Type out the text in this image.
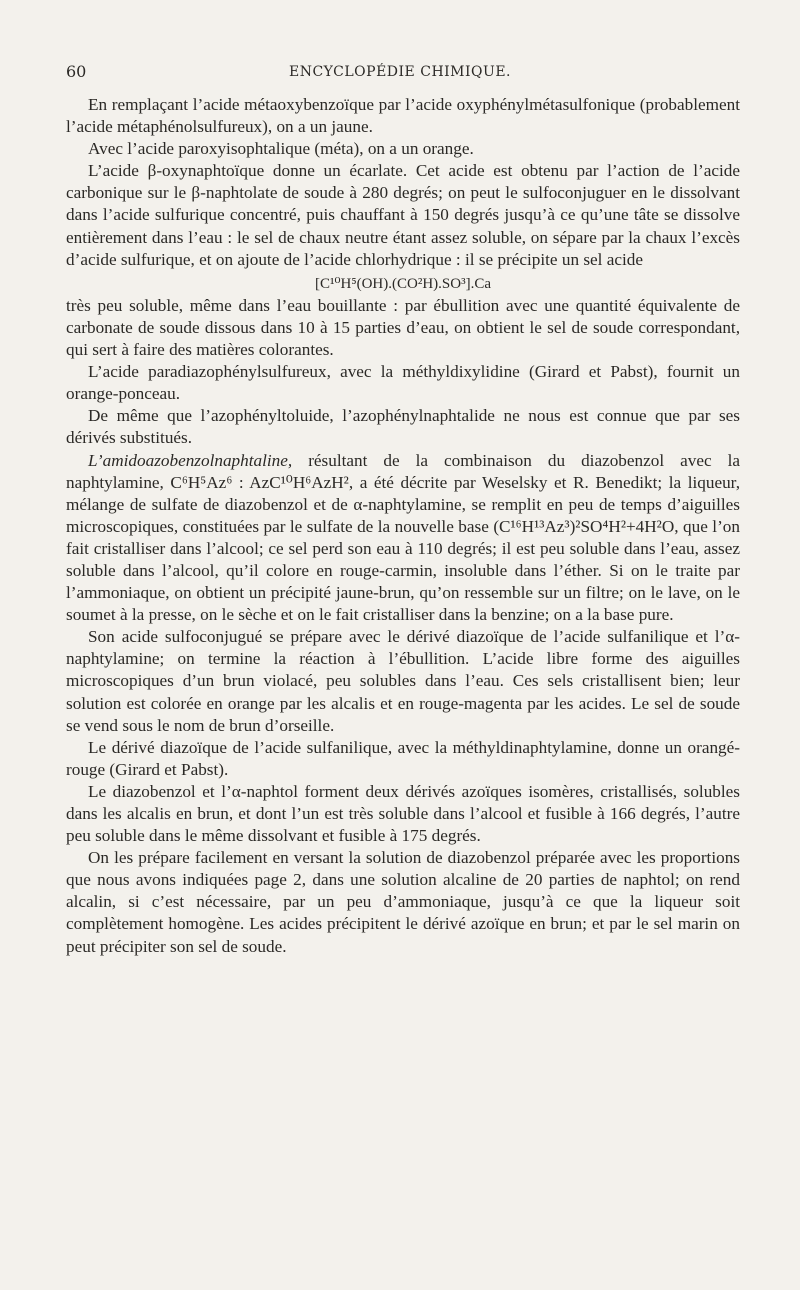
60	ENCYCLOPÉDIE CHIMIQUE.

En remplaçant l’acide métaoxybenzoïque par l’acide oxyphénylmétasulfonique (probablement l’acide métaphénolsulfureux), on a un jaune.

Avec l’acide paroxyisophtalique (méta), on a un orange.

L’acide β-oxynaphtoïque donne un écarlate. Cet acide est obtenu par l’action de l’acide carbonique sur le β-naphtolate de soude à 280 degrés; on peut le sulfoconjuguer en le dissolvant dans l’acide sulfurique concentré, puis chauffant à 150 degrés jusqu’à ce qu’une tâte se dissolve entièrement dans l’eau : le sel de chaux neutre étant assez soluble, on sépare par la chaux l’excès d’acide sulfurique, et on ajoute de l’acide chlorhydrique : il se précipite un sel acide

[C¹⁰H⁵(OH).(CO²H).SO³].Ca

très peu soluble, même dans l’eau bouillante : par ébullition avec une quantité équivalente de carbonate de soude dissous dans 10 à 15 parties d’eau, on obtient le sel de soude correspondant, qui sert à faire des matières colorantes.

L’acide paradiazophénylsulfureux, avec la méthyldixylidine (Girard et Pabst), fournit un orange-ponceau.

De même que l’azophényltoluide, l’azophénylnaphtalide ne nous est connue que par ses dérivés substitués.

L’amidoazobenzolnaphtaline, résultant de la combinaison du diazobenzol avec la naphtylamine, C⁶H⁵Az⁶ : AzC¹⁰H⁶AzH², a été décrite par Weselsky et R. Benedikt; la liqueur, mélange de sulfate de diazobenzol et de α-naphtylamine, se remplit en peu de temps d’aiguilles microscopiques, constituées par le sulfate de la nouvelle base (C¹⁶H¹³Az³)²SO⁴H²+4H²O, que l’on fait cristalliser dans l’alcool; ce sel perd son eau à 110 degrés; il est peu soluble dans l’eau, assez soluble dans l’alcool, qu’il colore en rouge-carmin, insoluble dans l’éther. Si on le traite par l’ammoniaque, on obtient un précipité jaune-brun, qu’on ressemble sur un filtre; on le lave, on le soumet à la presse, on le sèche et on le fait cristalliser dans la benzine; on a la base pure.

Son acide sulfoconjugué se prépare avec le dérivé diazoïque de l’acide sulfanilique et l’α-naphtylamine; on termine la réaction à l’ébullition. L’acide libre forme des aiguilles microscopiques d’un brun violacé, peu solubles dans l’eau. Ces sels cristallisent bien; leur solution est colorée en orange par les alcalis et en rouge-magenta par les acides. Le sel de soude se vend sous le nom de brun d’orseille.

Le dérivé diazoïque de l’acide sulfanilique, avec la méthyldinaphtylamine, donne un orangé-rouge (Girard et Pabst).

Le diazobenzol et l’α-naphtol forment deux dérivés azoïques isomères, cristallisés, solubles dans les alcalis en brun, et dont l’un est très soluble dans l’alcool et fusible à 166 degrés, l’autre peu soluble dans le même dissolvant et fusible à 175 degrés.

On les prépare facilement en versant la solution de diazobenzol préparée avec les proportions que nous avons indiquées page 2, dans une solution alcaline de 20 parties de naphtol; on rend alcalin, si c’est nécessaire, par un peu d’ammoniaque, jusqu’à ce que la liqueur soit complètement homogène. Les acides précipitent le dérivé azoïque en brun; et par le sel marin on peut précipiter son sel de soude.
